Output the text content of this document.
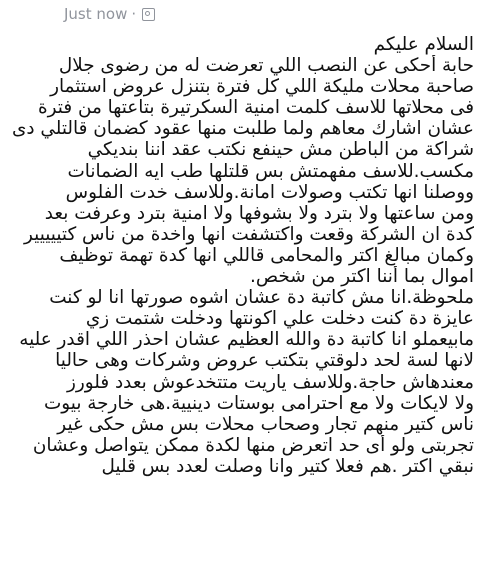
Just now ·
السلام عليكم
حابة أحكى عن النصب اللي تعرضت له من رضوى جلال
صاحبة محلات مليكة اللي كل فترة بتنزل عروض استثمار
فى محلاتها للاسف كلمت امنية السكرتيرة بتاعتها من فترة
عشان اشارك معاهم ولما طلبت منها عقود كضمان قالتلي دى
شراكة من الباطن مش حينفع نكتب عقد اننا بنديكي
مكسب.للاسف مفهمتش بس قلتلها طب ايه الضمانات
ووصلنا انها تكتب وصولات امانة.وللاسف خدت الفلوس
ومن ساعتها ولا بترد ولا بشوفها ولا امنية بترد وعرفت بعد
كدة ان الشركة وقعت واكتشفت انها واخدة من ناس كتييييير
وكمان مبالغ اكتر والمحامى قاللي انها كدة تهمة توظيف
اموال بما أننا اكتر من شخص.
ملحوظة.انا مش كاتبة دة عشان اشوه صورتها انا لو كنت
عايزة دة كنت دخلت علي اكونتها ودخلت شتمت زي
مابيعملو انا كاتبة دة والله العظيم عشان احذر اللي اقدر عليه
لانها لسة لحد دلوقتي بتكتب عروض وشركات وهى حاليا
معندهاش حاجة.وللاسف ياريت متتخدعوش بعدد فلورز
ولا لايكات ولا مع احترامى بوستات دينيية.هى خارجة بيوت
ناس كتير منهم تجار وصحاب محلات بس مش حكى غير
تجربتى ولو أى حد اتعرض منها لكدة ممكن يتواصل وعشان
نبقي اكتر .هم فعلا كتير وانا وصلت لعدد بس قليل
